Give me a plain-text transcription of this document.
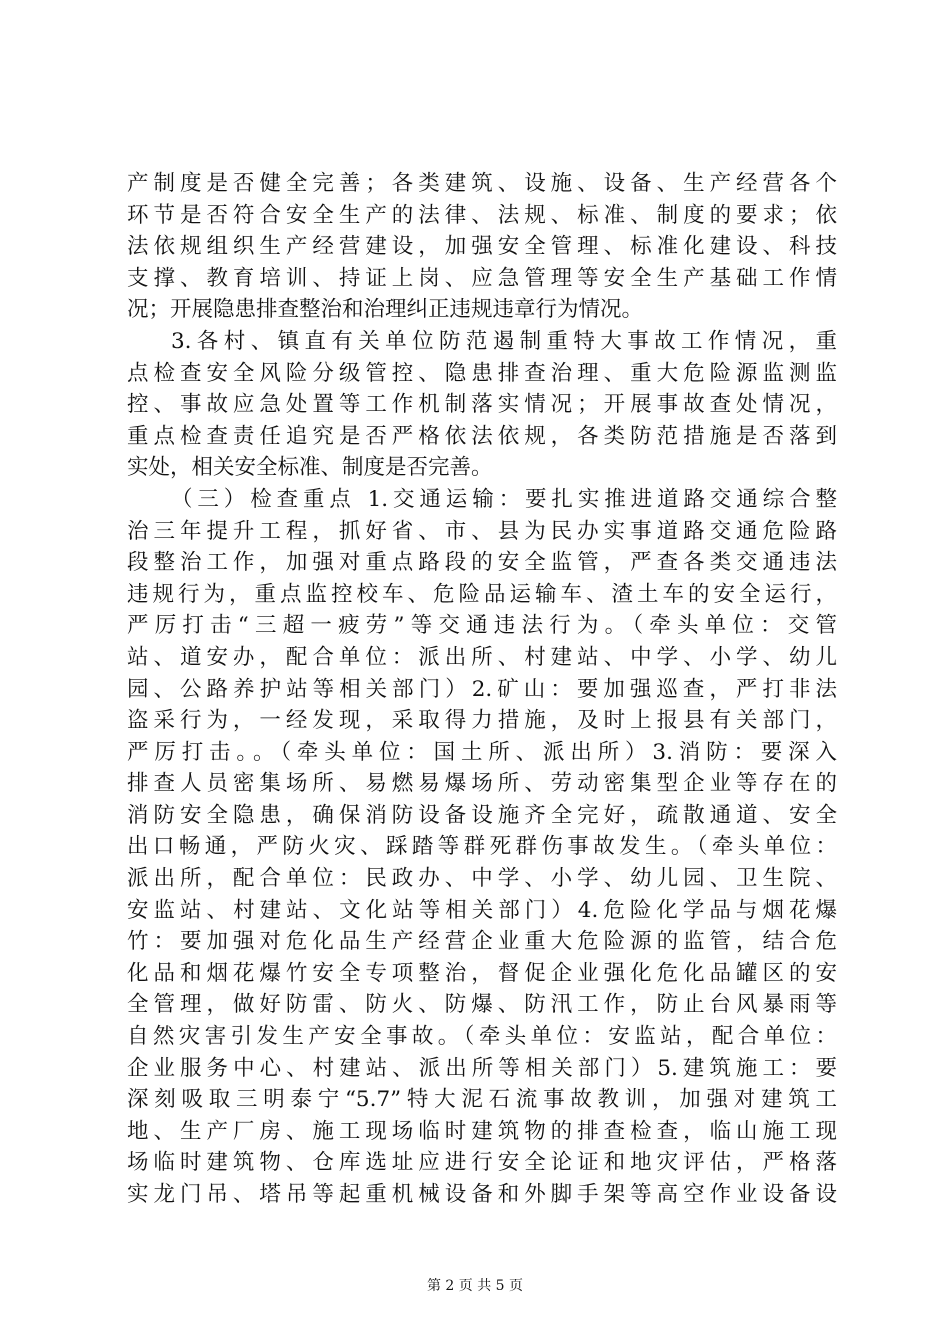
产制度是否健全完善；各类建筑、设施、设备、生产经营各个
环节是否符合安全生产的法律、法规、标准、制度的要求；依
法依规组织生产经营建设，加强安全管理、标准化建设、科技
支撑、教育培训、持证上岗、应急管理等安全生产基础工作情
况；开展隐患排查整治和治理纠正违规违章行为情况。
3.各村、镇直有关单位防范遏制重特大事故工作情况，重
点检查安全风险分级管控、隐患排查治理、重大危险源监测监
控、事故应急处置等工作机制落实情况；开展事故查处情况，
重点检查责任追究是否严格依法依规，各类防范措施是否落到
实处，相关安全标准、制度是否完善。
（三）检查重点 1.交通运输：要扎实推进道路交通综合整
治三年提升工程，抓好省、市、县为民办实事道路交通危险路
段整治工作，加强对重点路段的安全监管，严查各类交通违法
违规行为，重点监控校车、危险品运输车、渣土车的安全运行，
严厉打击“三超一疲劳”等交通违法行为。（牵头单位：交管
站、道安办，配合单位：派出所、村建站、中学、小学、幼儿
园、公路养护站等相关部门）2.矿山：要加强巡查，严打非法
盗采行为，一经发现，采取得力措施，及时上报县有关部门，
严厉打击。。（牵头单位：国土所、派出所）3.消防：要深入
排查人员密集场所、易燃易爆场所、劳动密集型企业等存在的
消防安全隐患，确保消防设备设施齐全完好，疏散通道、安全
出口畅通，严防火灾、踩踏等群死群伤事故发生。（牵头单位：
派出所，配合单位：民政办、中学、小学、幼儿园、卫生院、
安监站、村建站、文化站等相关部门）4.危险化学品与烟花爆
竹：要加强对危化品生产经营企业重大危险源的监管，结合危
化品和烟花爆竹安全专项整治，督促企业强化危化品罐区的安
全管理，做好防雷、防火、防爆、防汛工作，防止台风暴雨等
自然灾害引发生产安全事故。（牵头单位：安监站，配合单位：
企业服务中心、村建站、派出所等相关部门）5.建筑施工：要
深刻吸取三明泰宁“5.7”特大泥石流事故教训，加强对建筑工
地、生产厂房、施工现场临时建筑物的排查检查，临山施工现
场临时建筑物、仓库选址应进行安全论证和地灾评估，严格落
实龙门吊、塔吊等起重机械设备和外脚手架等高空作业设备设
第 2 页 共 5 页
